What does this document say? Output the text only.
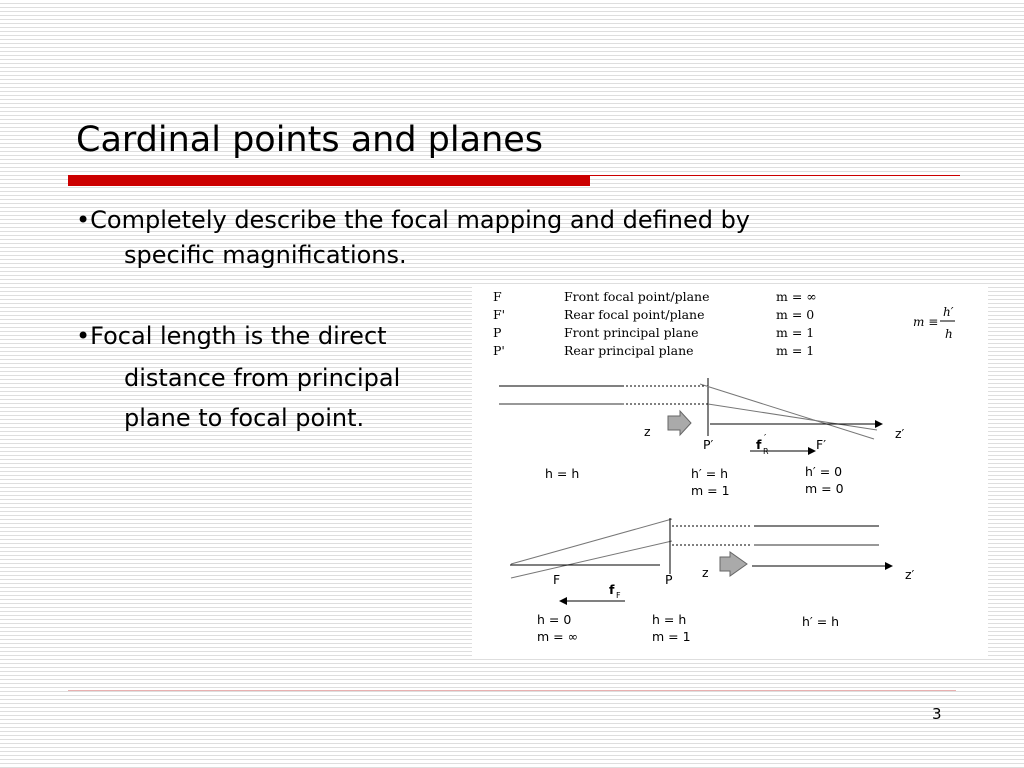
Cardinal points and planes
•Completely describe the focal mapping and defined by
specific magnifications.
•Focal length is the direct
distance from principal
plane to focal point.
F	Front focal point/plane	m = ∞
F'	Rear focal point/plane	m = 0
P	Front principal plane	m = 1
P'	Rear principal plane	m = 1
m ≡
h′
h
z	z′
P′	F′
f ′
R
h = h	h′ = h
m = 1
h′ = 0
m = 0
z	z′
F	P
f F
h = 0
m = ∞
h = h
m = 1
h′ = h
3
